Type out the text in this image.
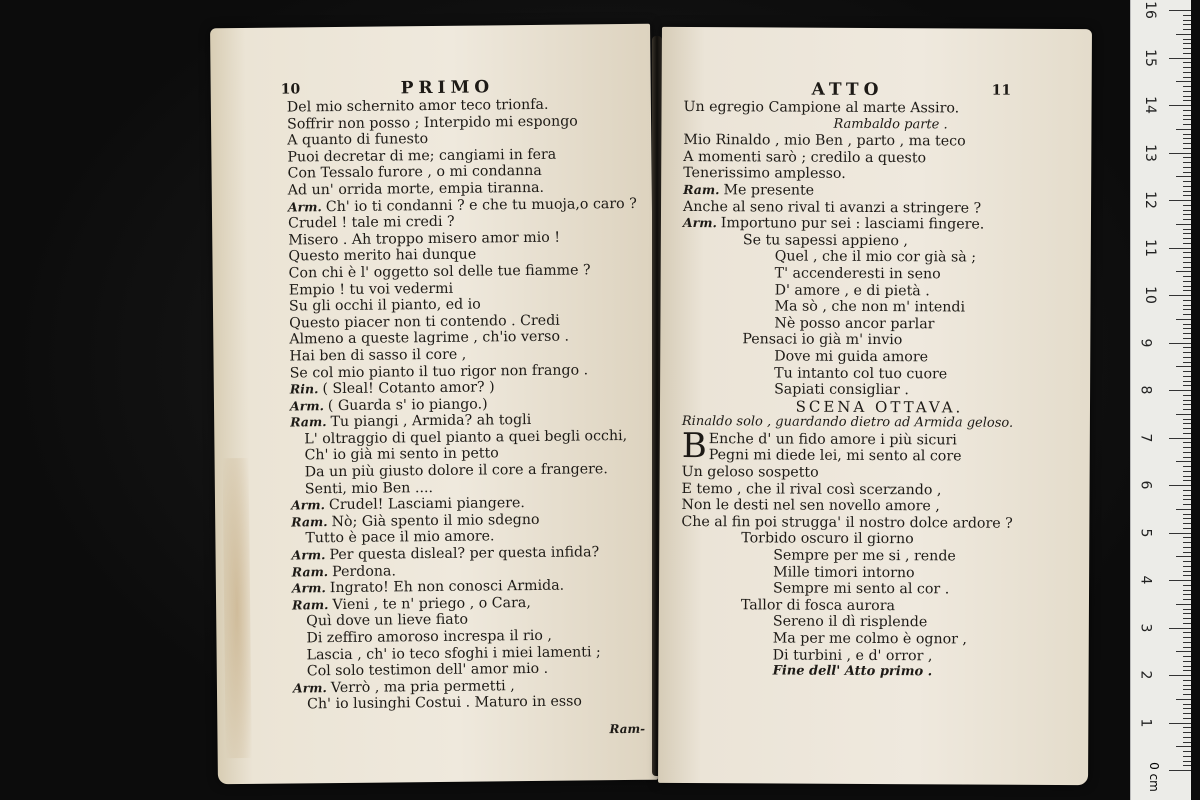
10	PRIMO
Del mio schernito amor teco trionfa.
Soffrir non posso ; Interpido mi espongo
A quanto di funesto
Puoi decretar di me; cangiami in fera
Con Tessalo furore , o mi condanna
Ad un' orrida morte, empia tiranna.
Arm. Ch' io ti condanni ? e che tu muoja,o caro ?
Crudel ! tale mi credi ?
Misero . Ah troppo misero amor mio !
Questo merito hai dunque
Con chi è l' oggetto sol delle tue fiamme ?
Empio ! tu voi vedermi
Su gli occhi il pianto, ed io
Questo piacer non ti contendo . Credi
Almeno a queste lagrime , ch'io verso .
Hai ben di sasso il core ,
Se col mio pianto il tuo rigor non frango .
Rin. ( Sleal! Cotanto amor? )
Arm. ( Guarda s' io piango.)
Ram. Tu piangi , Armida? ah togli
L' oltraggio di quel pianto a quei begli occhi,
Ch' io già mi sento in petto
Da un più giusto dolore il core a frangere.
Senti, mio Ben ....
Arm. Crudel! Lasciami piangere.
Ram. Nò; Già spento il mio sdegno
Tutto è pace il mio amore.
Arm. Per questa disleal? per questa infida?
Ram. Perdona.
Arm. Ingrato! Eh non conosci Armida.
Ram. Vieni , te n' priego , o Cara,
Quì dove un lieve fiato
Di zeffiro amoroso increspa il rio ,
Lascia , ch' io teco sfoghi i miei lamenti ;
Col solo testimon dell' amor mio .
Arm. Verrò , ma pria permetti ,
Ch' io lusinghi Costui . Maturo in esso
Ram-
ATTO	11
Un egregio Campione al marte Assiro.
Rambaldo parte .
Mio Rinaldo , mio Ben , parto , ma teco
A momenti sarò ; credilo a questo
Tenerissimo amplesso.
Ram. Me presente
Anche al seno rival ti avanzi a stringere ?
Arm. Importuno pur sei : lasciami fingere.
Se tu sapessi appieno ,
Quel , che il mio cor già sà ;
T' accenderesti in seno
D' amore , e di pietà .
Ma sò , che non m' intendi
Nè posso ancor parlar
Pensaci io già m' invio
Dove mi guida amore
Tu intanto col tuo cuore
Sapiati consigliar .
SCENA OTTAVA.
Rinaldo solo , guardando dietro ad Armida geloso.
B Enche d' un fido amore i più sicuri
Pegni mi diede lei, mi sento al core
Un geloso sospetto
E temo , che il rival così scerzando ,
Non le desti nel sen novello amore ,
Che al fin poi strugga' il nostro dolce ardore ?
Torbido oscuro il giorno
Sempre per me si , rende
Mille timori intorno
Sempre mi sento al cor .
Tallor di fosca aurora
Sereno il dì risplende
Ma per me colmo è ognor ,
Di turbini , e d' orror ,
Fine dell' Atto primo .
0 cm
1
2
3
4
5
6
7
8
9
10
11
12
13
14
15
16
